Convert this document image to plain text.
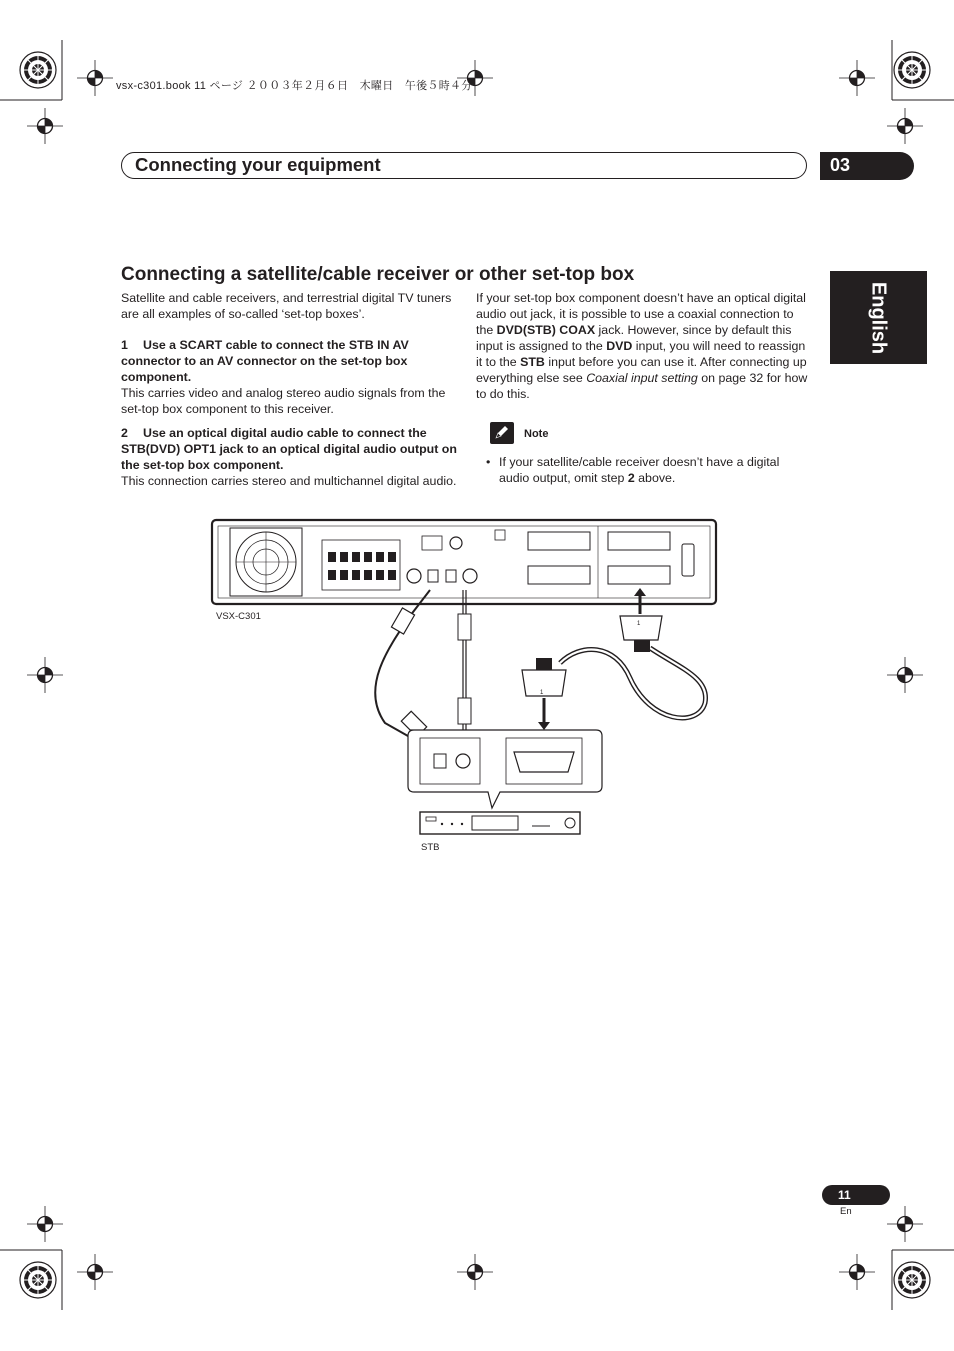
vsx-c301.book 11 ページ ２００３年２月６日　木曜日　午後５時４分
Connecting your equipment	03
English
Connecting a satellite/cable receiver or other set-top box

Satellite and cable receivers, and terrestrial digital TV tuners are all examples of so-called ‘set-top boxes’.

1 Use a SCART cable to connect the STB IN AV connector to an AV connector on the set-top box component.

This carries video and analog stereo audio signals from the set-top box component to this receiver.

2 Use an optical digital audio cable to connect the STB(DVD) OPT1 jack to an optical digital audio output on the set-top box component.

This connection carries stereo and multichannel digital audio.

If your set-top box component doesn’t have an optical digital audio out jack, it is possible to use a coaxial connection to the DVD(STB) COAX jack. However, since by default this input is assigned to the DVD input, you will need to reassign it to the STB input before you can use it. After connecting up everything else see Coaxial input setting on page 32 for how to do this.

Note
• If your satellite/cable receiver doesn’t have a digital audio output, omit step 2 above.
1
1
VSX-C301
STB
11
En
